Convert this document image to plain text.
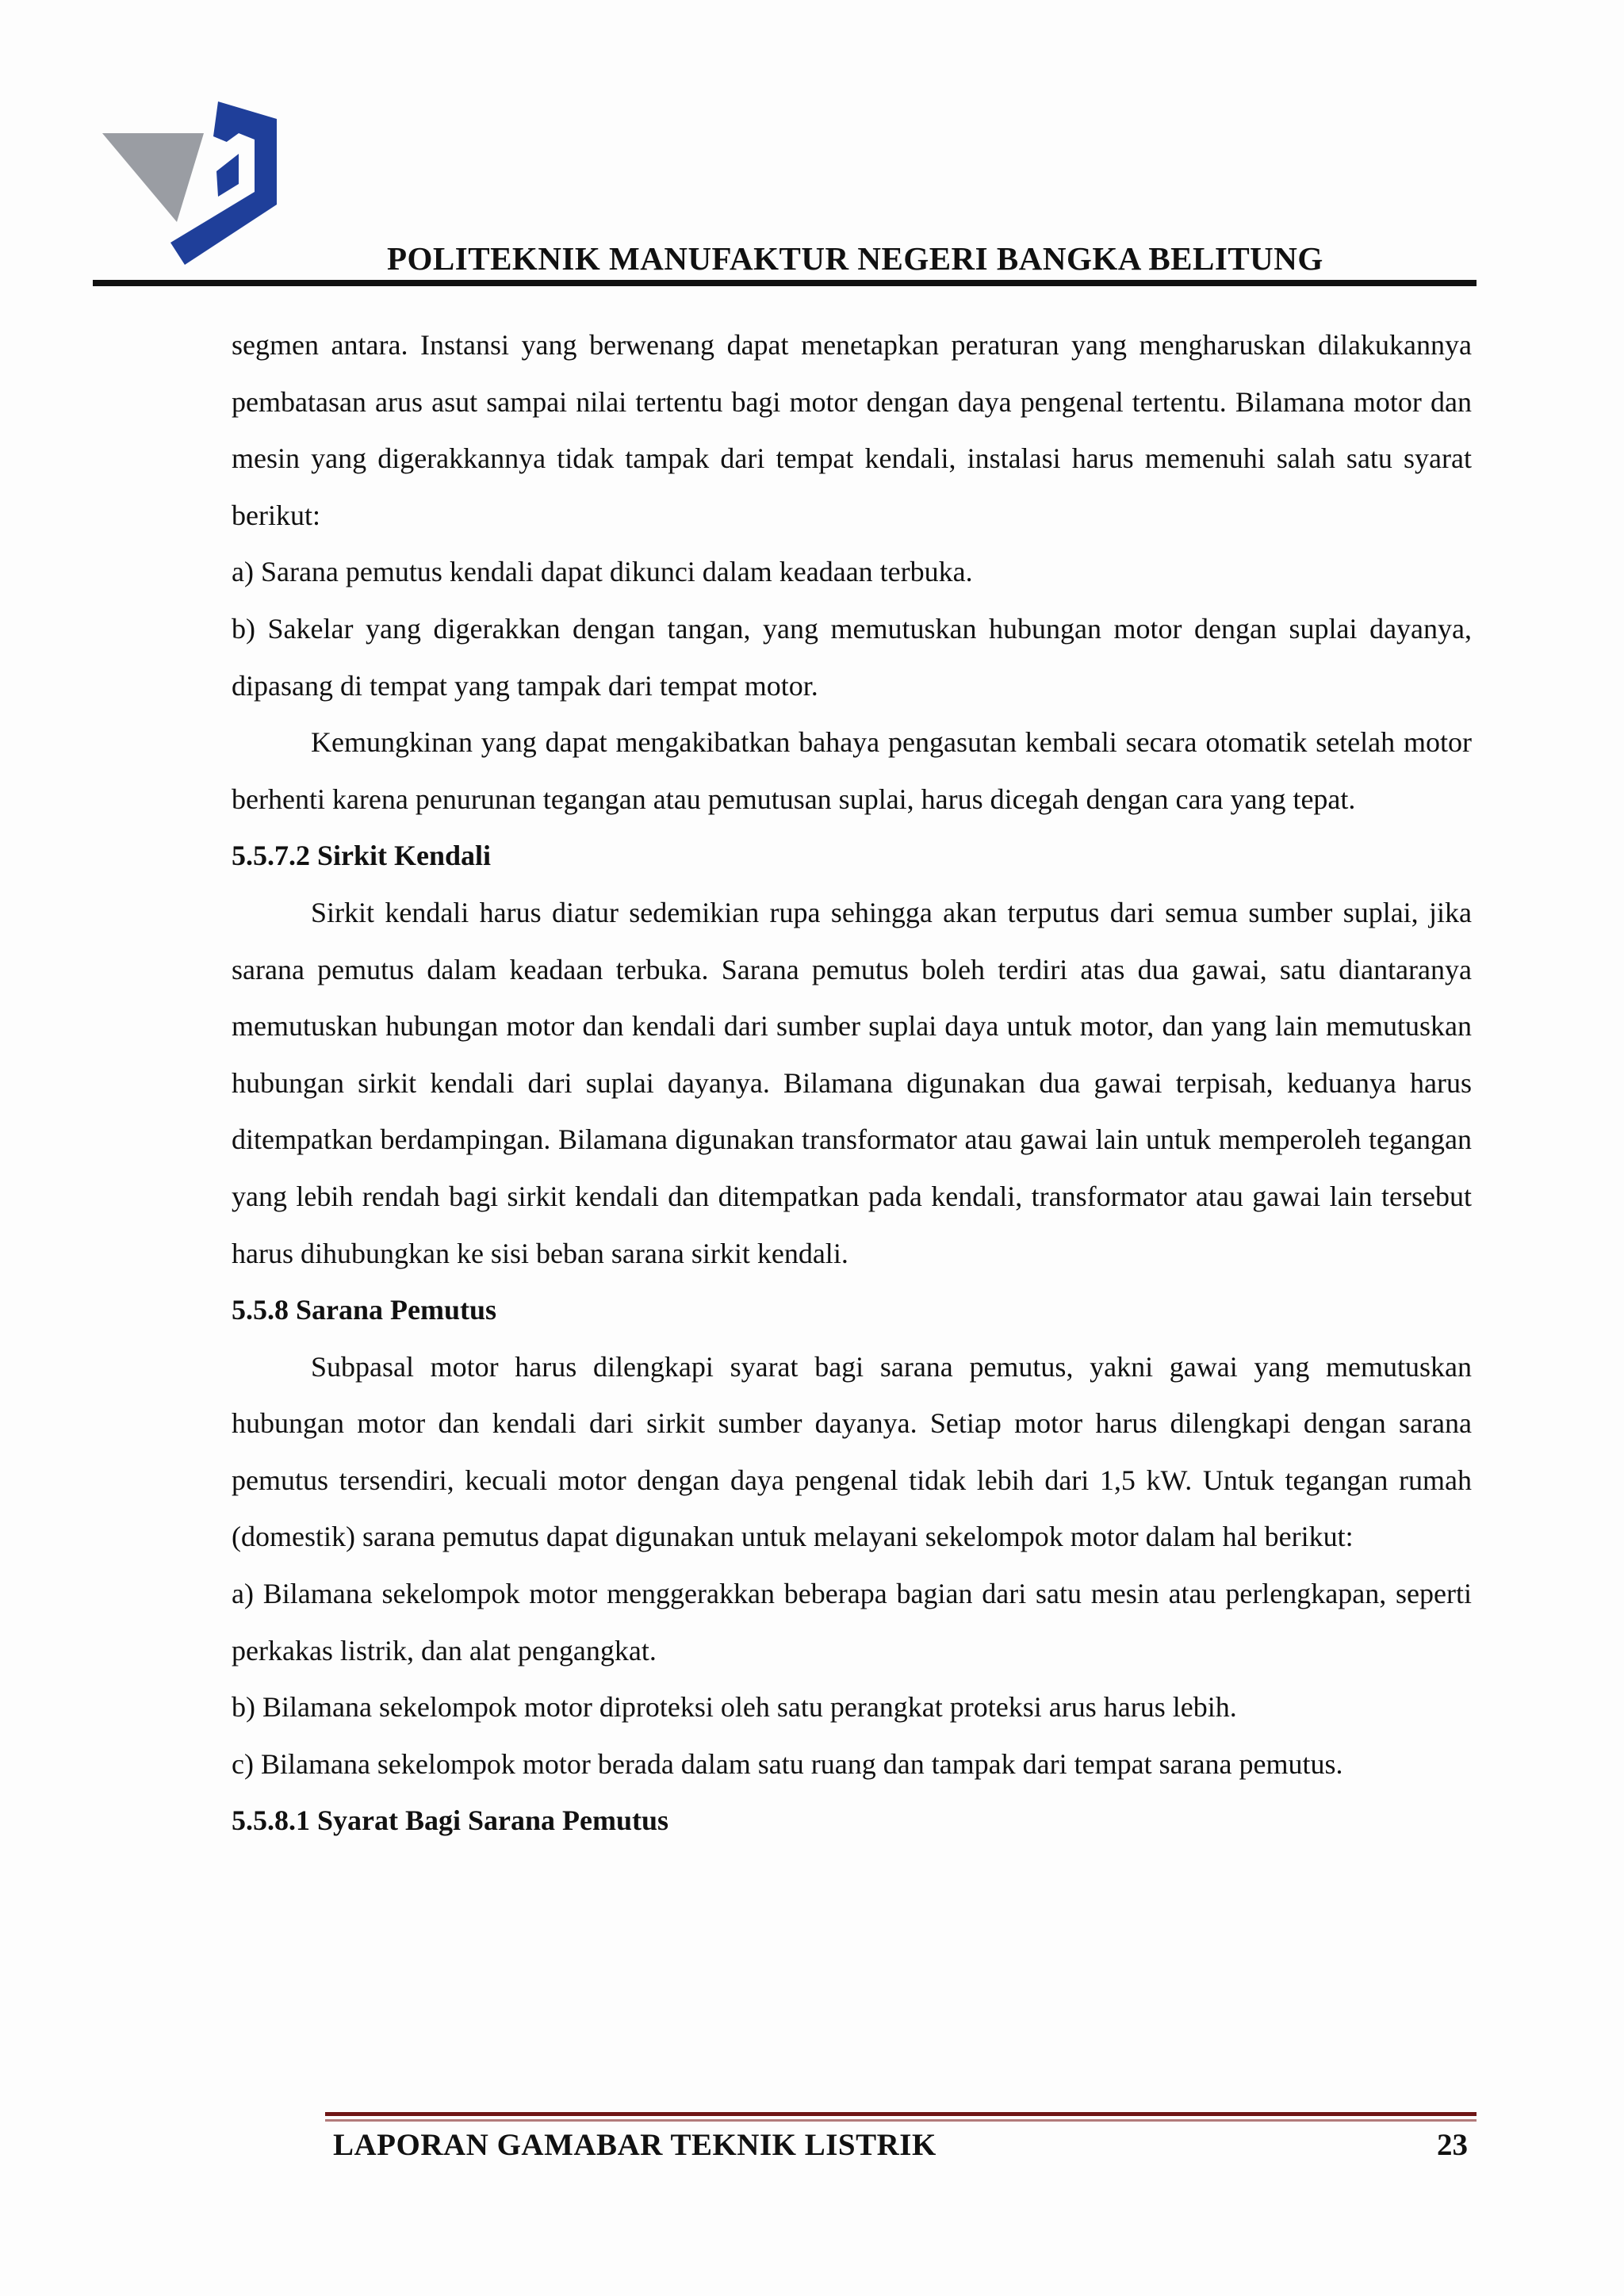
POLITEKNIK MANUFAKTUR NEGERI BANGKA BELITUNG

segmen antara. Instansi yang berwenang dapat menetapkan peraturan yang mengharuskan dilakukannya pembatasan arus asut sampai nilai tertentu bagi motor dengan daya pengenal tertentu. Bilamana motor dan mesin yang digerakkannya tidak tampak dari tempat kendali, instalasi harus memenuhi salah satu syarat berikut:

a) Sarana pemutus kendali dapat dikunci dalam keadaan terbuka.

b) Sakelar yang digerakkan dengan tangan, yang memutuskan hubungan motor dengan suplai dayanya, dipasang di tempat yang tampak dari tempat motor.

Kemungkinan yang dapat mengakibatkan bahaya pengasutan kembali secara otomatik setelah motor berhenti karena penurunan tegangan atau pemutusan suplai, harus dicegah dengan cara yang tepat.

5.5.7.2 Sirkit Kendali

Sirkit kendali harus diatur sedemikian rupa sehingga akan terputus dari semua sumber suplai, jika sarana pemutus dalam keadaan terbuka. Sarana pemutus boleh terdiri atas dua gawai, satu diantaranya memutuskan hubungan motor dan kendali dari sumber suplai daya untuk motor, dan yang lain memutuskan hubungan sirkit kendali dari suplai dayanya. Bilamana digunakan dua gawai terpisah, keduanya harus ditempatkan berdampingan. Bilamana digunakan transformator atau gawai lain untuk memperoleh tegangan yang lebih rendah bagi sirkit kendali dan ditempatkan pada kendali, transformator atau gawai lain tersebut harus dihubungkan ke sisi beban sarana sirkit kendali.

5.5.8 Sarana Pemutus

Subpasal motor harus dilengkapi syarat bagi sarana pemutus, yakni gawai yang memutuskan hubungan motor dan kendali dari sirkit sumber dayanya. Setiap motor harus dilengkapi dengan sarana pemutus tersendiri, kecuali motor dengan daya pengenal tidak lebih dari 1,5 kW. Untuk tegangan rumah (domestik) sarana pemutus dapat digunakan untuk melayani sekelompok motor dalam hal berikut:

a) Bilamana sekelompok motor menggerakkan beberapa bagian dari satu mesin atau perlengkapan, seperti perkakas listrik, dan alat pengangkat.

b) Bilamana sekelompok motor diproteksi oleh satu perangkat proteksi arus harus lebih.

c) Bilamana sekelompok motor berada dalam satu ruang dan tampak dari tempat sarana pemutus.

5.5.8.1 Syarat Bagi Sarana Pemutus
LAPORAN GAMABAR TEKNIK LISTRIK	23
